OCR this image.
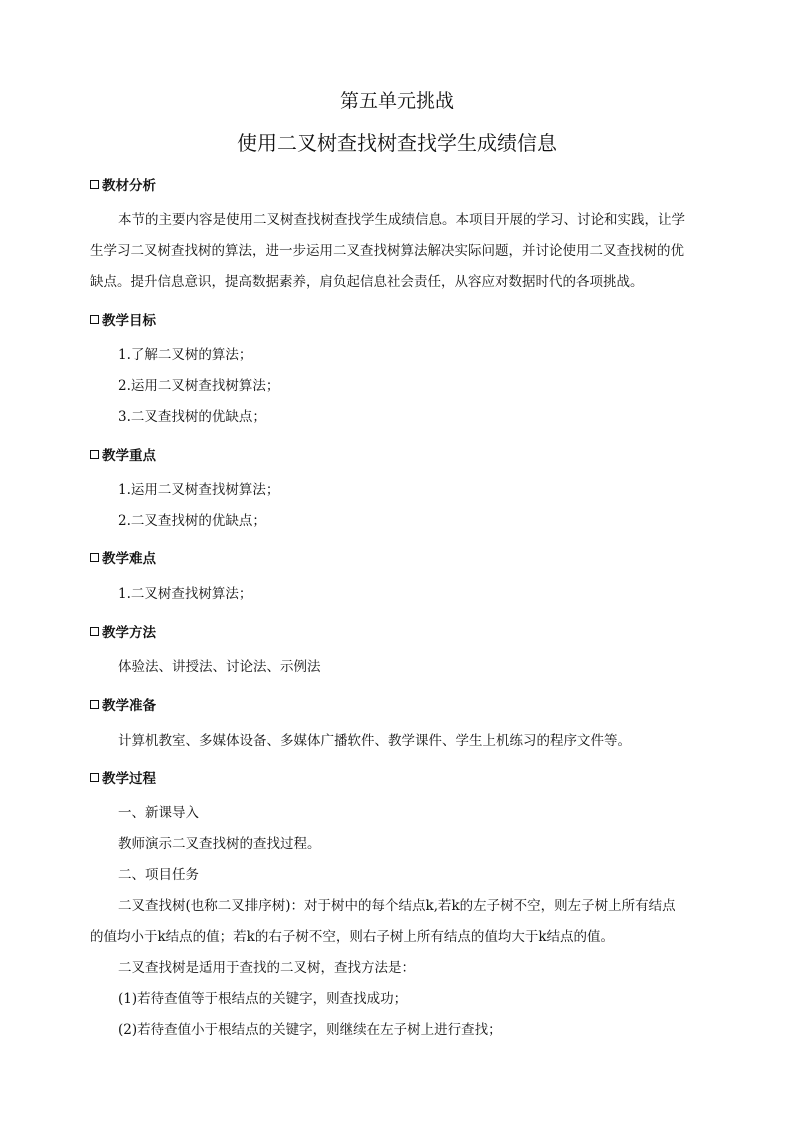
第五单元挑战
使用二叉树查找树查找学生成绩信息
教材分析
本节的主要内容是使用二叉树查找树查找学生成绩信息。本项目开展的学习、讨论和实践，让学
生学习二叉树查找树的算法，进一步运用二叉查找树算法解决实际问题，并讨论使用二叉查找树的优
缺点。提升信息意识，提高数据素养，肩负起信息社会责任，从容应对数据时代的各项挑战。
教学目标
1.了解二叉树的算法；
2.运用二叉树查找树算法；
3.二叉查找树的优缺点；
教学重点
1.运用二叉树查找树算法；
2.二叉查找树的优缺点；
教学难点
1.二叉树查找树算法；
教学方法
体验法、讲授法、讨论法、示例法
教学准备
计算机教室、多媒体设备、多媒体广播软件、教学课件、学生上机练习的程序文件等。
教学过程
一、新课导入
教师演示二叉查找树的查找过程。
二、项目任务
二叉查找树(也称二叉排序树)：对于树中的每个结点k,若k的左子树不空，则左子树上所有结点
的值均小于k结点的值；若k的右子树不空，则右子树上所有结点的值均大于k结点的值。
二叉查找树是适用于查找的二叉树，查找方法是：
(1)若待查值等于根结点的关键字，则查找成功；
(2)若待查值小于根结点的关键字，则继续在左子树上进行查找；
